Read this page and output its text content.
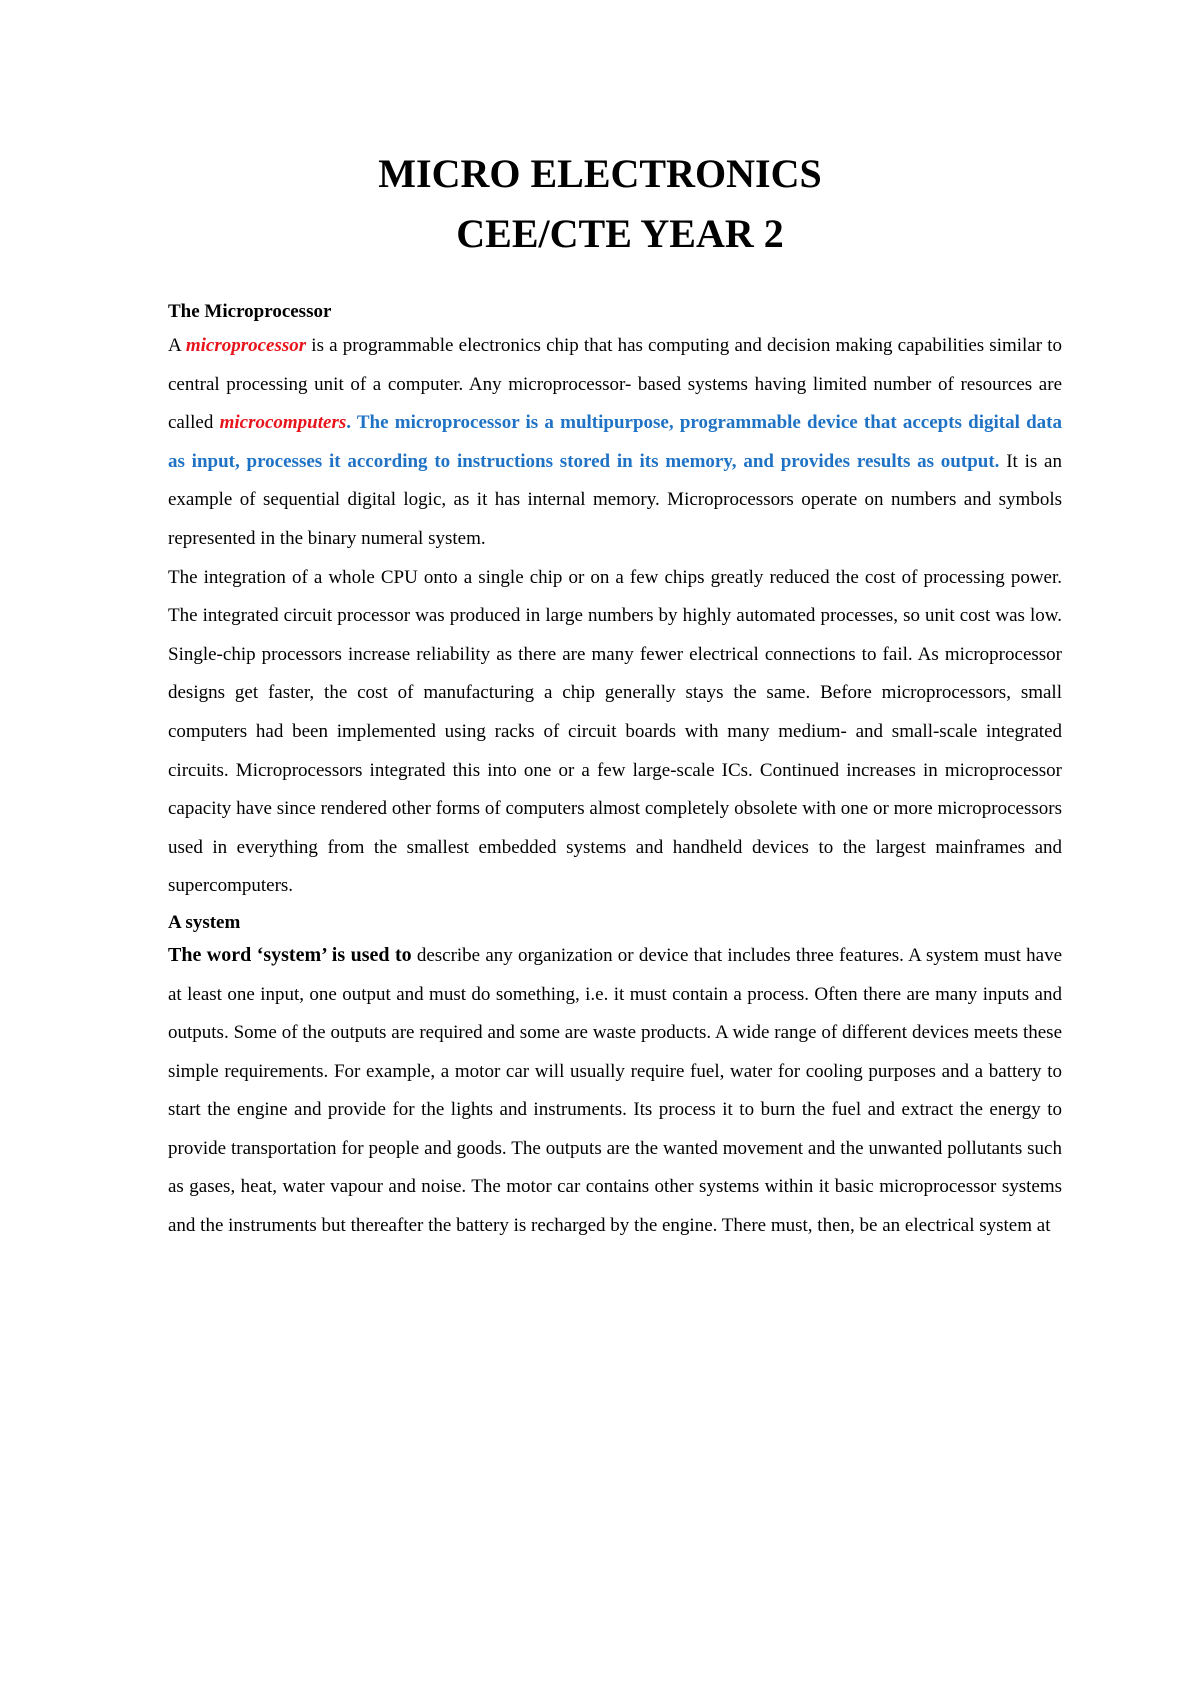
MICRO ELECTRONICS
CEE/CTE YEAR 2
The Microprocessor

A microprocessor is a programmable electronics chip that has computing and decision making capabilities similar to central processing unit of a computer. Any microprocessor- based systems having limited number of resources are called microcomputers. The microprocessor is a multipurpose, programmable device that accepts digital data as input, processes it according to instructions stored in its memory, and provides results as output. It is an example of sequential digital logic, as it has internal memory. Microprocessors operate on numbers and symbols represented in the binary numeral system.

The integration of a whole CPU onto a single chip or on a few chips greatly reduced the cost of processing power. The integrated circuit processor was produced in large numbers by highly automated processes, so unit cost was low. Single-chip processors increase reliability as there are many fewer electrical connections to fail. As microprocessor designs get faster, the cost of manufacturing a chip generally stays the same. Before microprocessors, small computers had been implemented using racks of circuit boards with many medium- and small-scale integrated circuits. Microprocessors integrated this into one or a few large-scale ICs. Continued increases in microprocessor capacity have since rendered other forms of computers almost completely obsolete with one or more microprocessors used in everything from the smallest embedded systems and handheld devices to the largest mainframes and supercomputers.

A system

The word ‘system’ is used to describe any organization or device that includes three features. A system must have at least one input, one output and must do something, i.e. it must contain a process. Often there are many inputs and outputs. Some of the outputs are required and some are waste products. A wide range of different devices meets these simple requirements. For example, a motor car will usually require fuel, water for cooling purposes and a battery to start the engine and provide for the lights and instruments. Its process it to burn the fuel and extract the energy to provide transportation for people and goods. The outputs are the wanted movement and the unwanted pollutants such as gases, heat, water vapour and noise. The motor car contains other systems within it basic microprocessor systems and the instruments but thereafter the battery is recharged by the engine. There must, then, be an electrical system at
